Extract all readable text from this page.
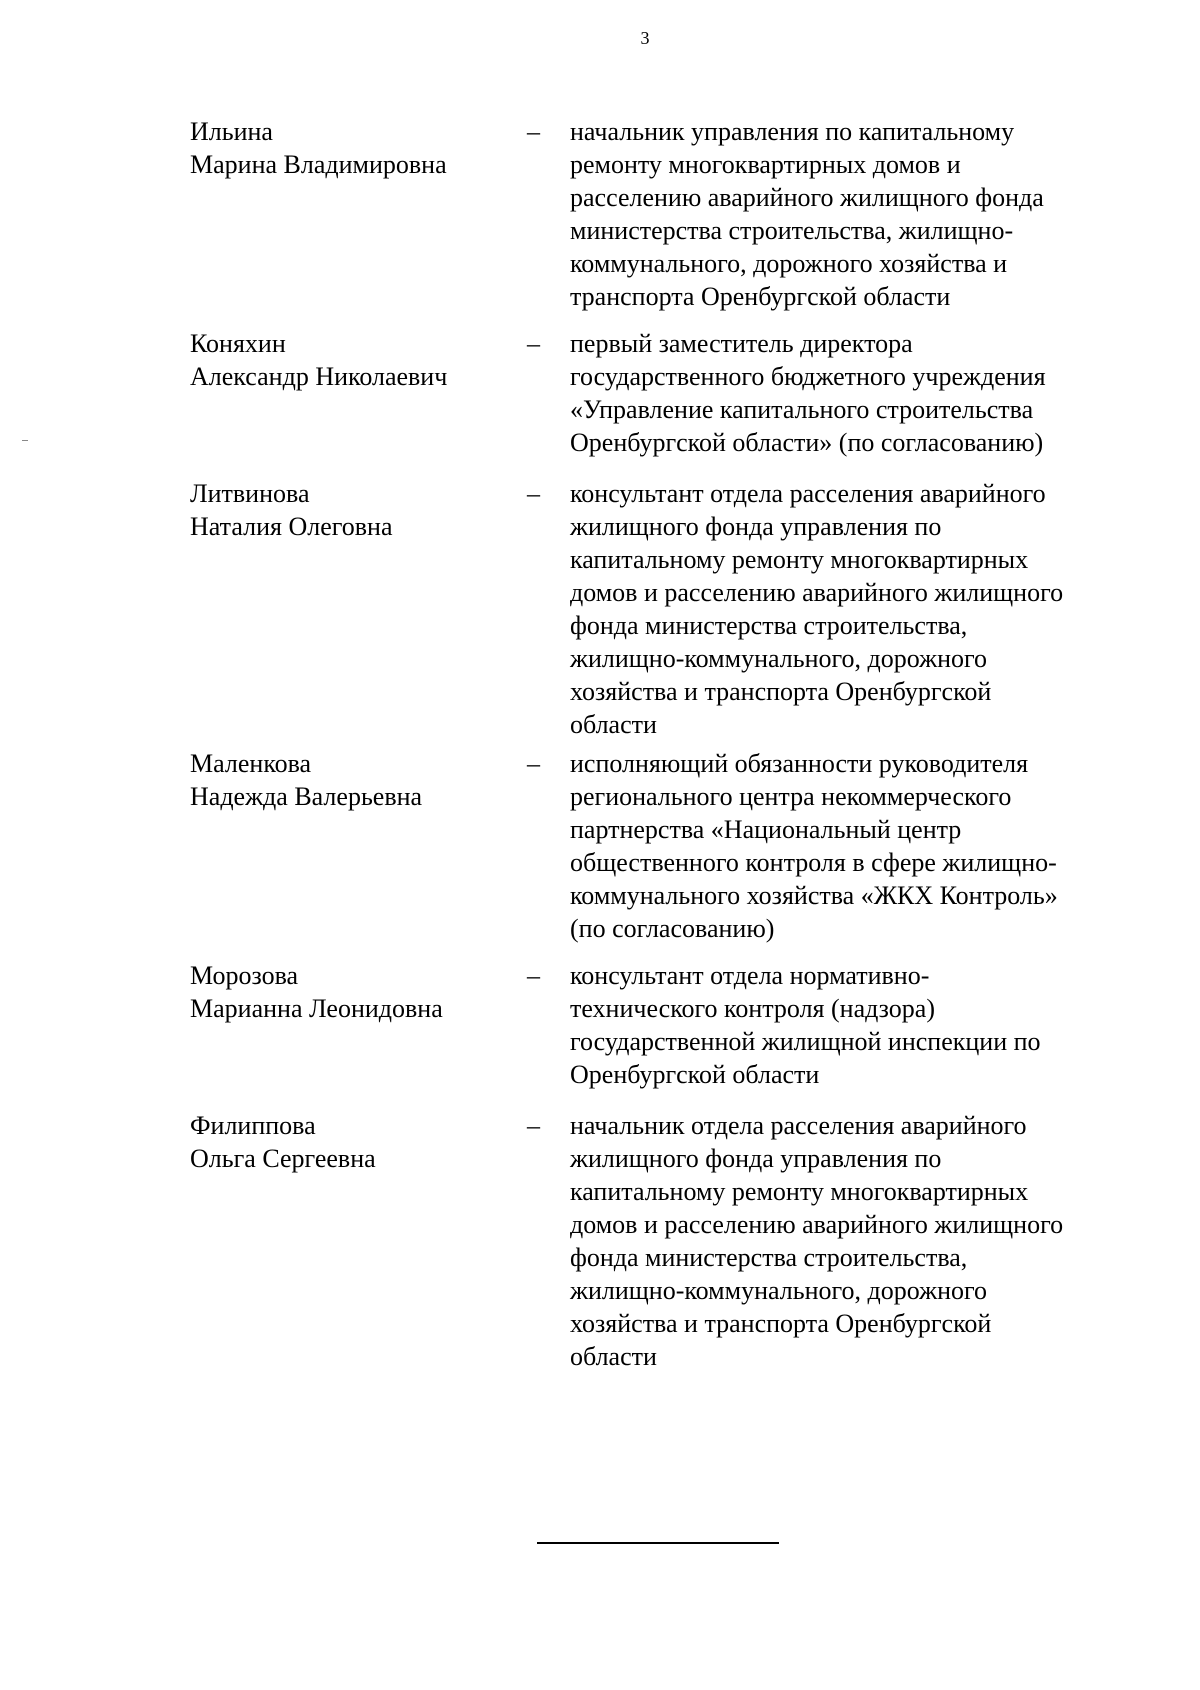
3
Ильина
Марина Владимировна
– начальник управления по капитальному
ремонту многоквартирных домов и
расселению аварийного жилищного фонда
министерства строительства, жилищно-
коммунального, дорожного хозяйства и
транспорта Оренбургской области
Коняхин
Александр Николаевич
– первый заместитель директора
государственного бюджетного учреждения
«Управление капитального строительства
Оренбургской области» (по согласованию)
Литвинова
Наталия Олеговна
– консультант отдела расселения аварийного
жилищного фонда управления по
капитальному ремонту многоквартирных
домов и расселению аварийного жилищного
фонда министерства строительства,
жилищно-коммунального, дорожного
хозяйства и транспорта Оренбургской
области
Маленкова
Надежда Валерьевна
– исполняющий обязанности руководителя
регионального центра некоммерческого
партнерства «Национальный центр
общественного контроля в сфере жилищно-
коммунального хозяйства «ЖКХ Контроль»
(по согласованию)
Морозова
Марианна Леонидовна
– консультант отдела нормативно-
технического контроля (надзора)
государственной жилищной инспекции по
Оренбургской области
Филиппова
Ольга Сергеевна
– начальник отдела расселения аварийного
жилищного фонда управления по
капитальному ремонту многоквартирных
домов и расселению аварийного жилищного
фонда министерства строительства,
жилищно-коммунального, дорожного
хозяйства и транспорта Оренбургской
области
